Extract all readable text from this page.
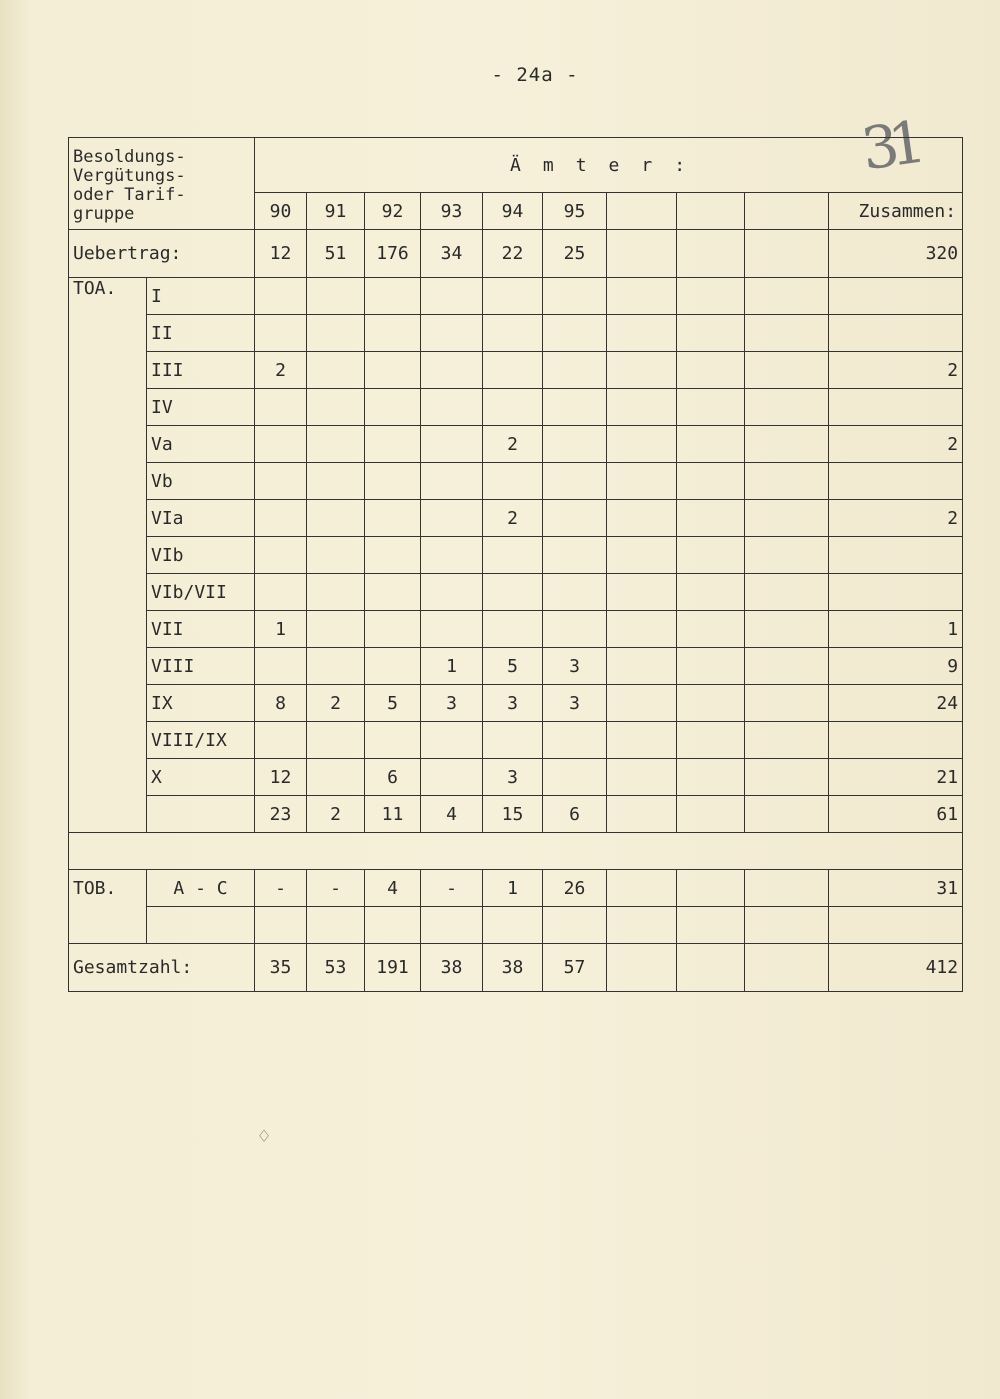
- 24a -
31
♢
Besoldungs-
Vergütungs-
oder Tarif-
gruppe		Ämter:									
		90	91	92	93	94	95				Zusammen:
Uebertrag:		12	51	176	34	22	25				320
TOA.	I										
	II										
	III	2									2
	IV										
	Va					2					2
	Vb										
	VIa					2					2
	VIb										
	VIb/VII										
	VII	1									1
	VIII				1	5	3				9
	IX	8	2	5	3	3	3				24
	VIII/IX										
	X	12		6		3					21
		23	2	11	4	15	6				61

TOB.	A - C	-	-	4	-	1	26				31

Gesamtzahl:		35	53	191	38	38	57				412
